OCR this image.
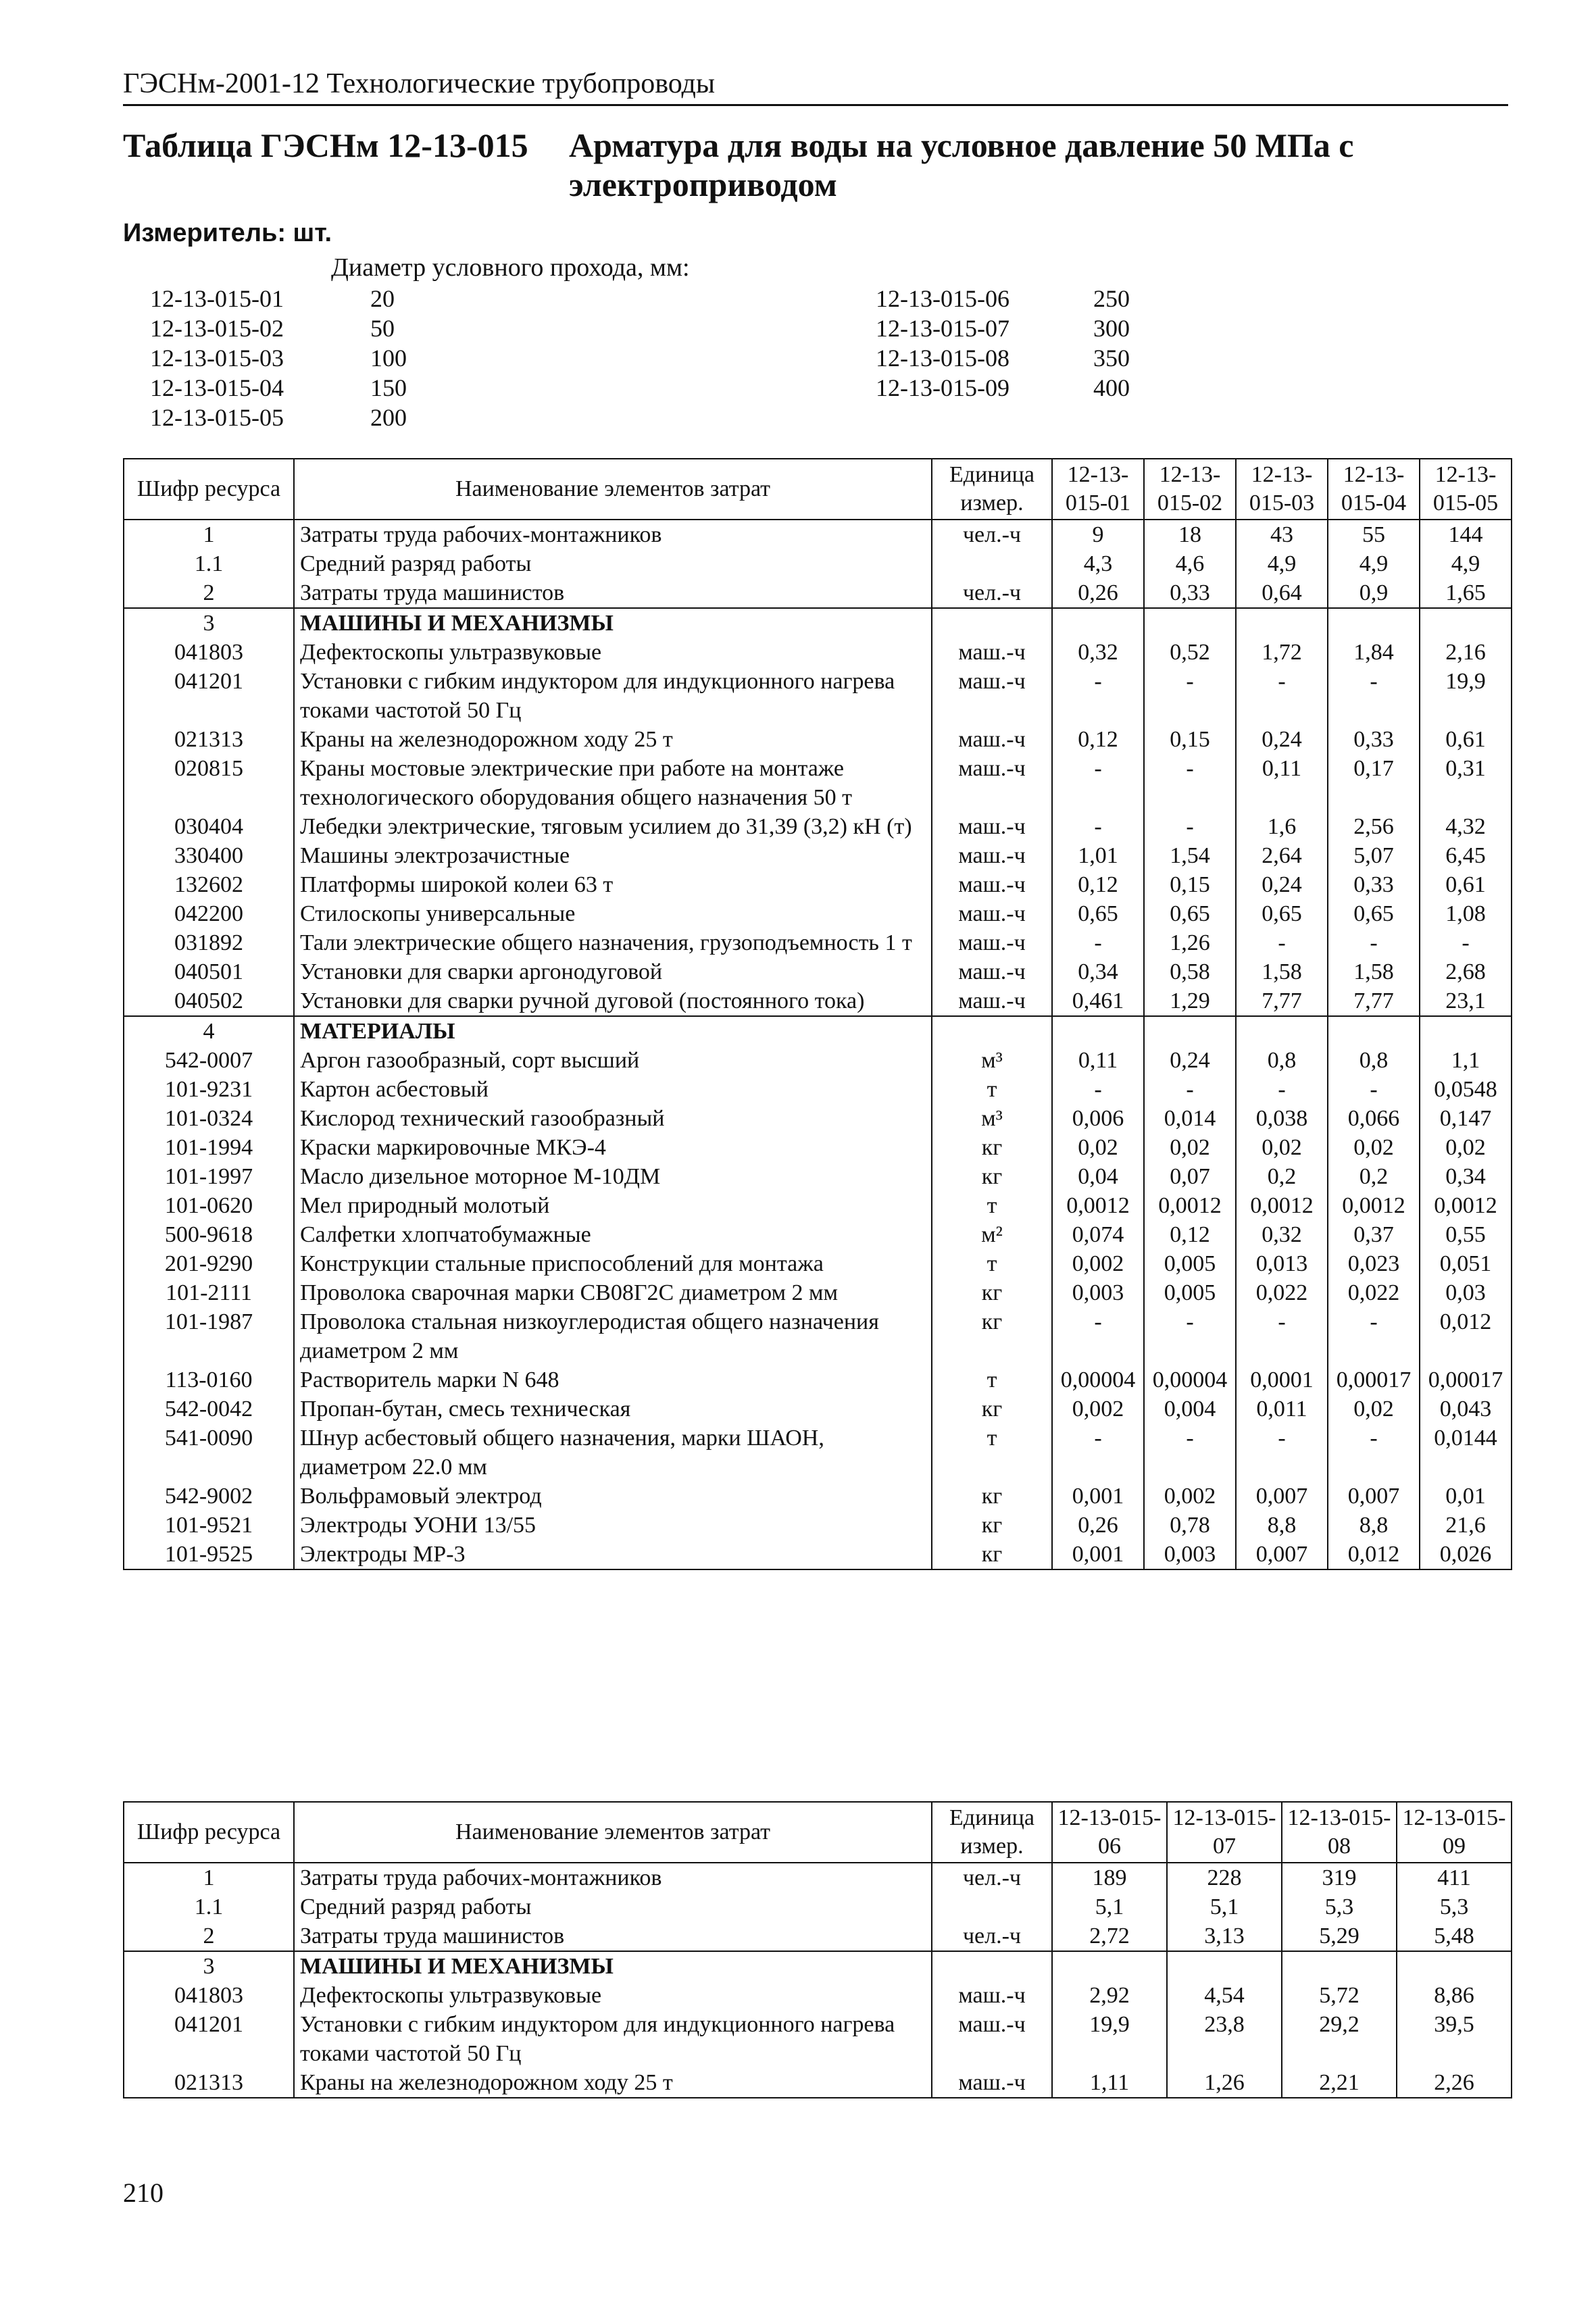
ГЭСНм-2001-12 Технологические трубопроводы
Таблица ГЭСНм 12-13-015 Арматура для воды на условное давление 50 МПа с электроприводом
Измеритель: шт.
Диаметр условного прохода, мм:
12-13-015-01	20
12-13-015-02	50
12-13-015-03	100
12-13-015-04	150
12-13-015-05	200
12-13-015-06	250
12-13-015-07	300
12-13-015-08	350
12-13-015-09	400
Шифр ресурса	Наименование элементов затрат	Единица измер.	12-13-015-01	12-13-015-02	12-13-015-03	12-13-015-04	12-13-015-05
1	Затраты труда рабочих-монтажников	чел.-ч	9	18	43	55	144
1.1	Средний разряд работы		4,3	4,6	4,9	4,9	4,9
2	Затраты труда машинистов	чел.-ч	0,26	0,33	0,64	0,9	1,65
3	МАШИНЫ И МЕХАНИЗМЫ						
041803	Дефектоскопы ультразвуковые	маш.-ч	0,32	0,52	1,72	1,84	2,16
041201	Установки с гибким индуктором для индукционного нагрева токами частотой 50 Гц	маш.-ч	-	-	-	-	19,9
021313	Краны на железнодорожном ходу 25 т	маш.-ч	0,12	0,15	0,24	0,33	0,61
020815	Краны мостовые электрические при работе на монтаже технологического оборудования общего назначения 50 т	маш.-ч	-	-	0,11	0,17	0,31
030404	Лебедки электрические, тяговым усилием до 31,39 (3,2) кН (т)	маш.-ч	-	-	1,6	2,56	4,32
330400	Машины электрозачистные	маш.-ч	1,01	1,54	2,64	5,07	6,45
132602	Платформы широкой колеи 63 т	маш.-ч	0,12	0,15	0,24	0,33	0,61
042200	Стилоскопы универсальные	маш.-ч	0,65	0,65	0,65	0,65	1,08
031892	Тали электрические общего назначения, грузоподъемность 1 т	маш.-ч	-	1,26	-	-	-
040501	Установки для сварки аргонодуговой	маш.-ч	0,34	0,58	1,58	1,58	2,68
040502	Установки для сварки ручной дуговой (постоянного тока)	маш.-ч	0,461	1,29	7,77	7,77	23,1
4	МАТЕРИАЛЫ						
542-0007	Аргон газообразный, сорт высший	м³	0,11	0,24	0,8	0,8	1,1
101-9231	Картон асбестовый	т	-	-	-	-	0,0548
101-0324	Кислород технический газообразный	м³	0,006	0,014	0,038	0,066	0,147
101-1994	Краски маркировочные МКЭ-4	кг	0,02	0,02	0,02	0,02	0,02
101-1997	Масло дизельное моторное М-10ДМ	кг	0,04	0,07	0,2	0,2	0,34
101-0620	Мел природный молотый	т	0,0012	0,0012	0,0012	0,0012	0,0012
500-9618	Салфетки хлопчатобумажные	м²	0,074	0,12	0,32	0,37	0,55
201-9290	Конструкции стальные приспособлений для монтажа	т	0,002	0,005	0,013	0,023	0,051
101-2111	Проволока сварочная марки СВ08Г2С диаметром 2 мм	кг	0,003	0,005	0,022	0,022	0,03
101-1987	Проволока стальная низкоуглеродистая общего назначения диаметром 2 мм	кг	-	-	-	-	0,012
113-0160	Растворитель марки N 648	т	0,00004	0,00004	0,0001	0,00017	0,00017
542-0042	Пропан-бутан, смесь техническая	кг	0,002	0,004	0,011	0,02	0,043
541-0090	Шнур асбестовый общего назначения, марки ШАОН, диаметром 22.0 мм	т	-	-	-	-	0,0144
542-9002	Вольфрамовый электрод	кг	0,001	0,002	0,007	0,007	0,01
101-9521	Электроды УОНИ 13/55	кг	0,26	0,78	8,8	8,8	21,6
101-9525	Электроды МР-3	кг	0,001	0,003	0,007	0,012	0,026
Шифр ресурса	Наименование элементов затрат	Единица измер.	12-13-015-06	12-13-015-07	12-13-015-08	12-13-015-09
1	Затраты труда рабочих-монтажников	чел.-ч	189	228	319	411
1.1	Средний разряд работы		5,1	5,1	5,3	5,3
2	Затраты труда машинистов	чел.-ч	2,72	3,13	5,29	5,48
3	МАШИНЫ И МЕХАНИЗМЫ					
041803	Дефектоскопы ультразвуковые	маш.-ч	2,92	4,54	5,72	8,86
041201	Установки с гибким индуктором для индукционного нагрева токами частотой 50 Гц	маш.-ч	19,9	23,8	29,2	39,5
021313	Краны на железнодорожном ходу 25 т	маш.-ч	1,11	1,26	2,21	2,26
210
